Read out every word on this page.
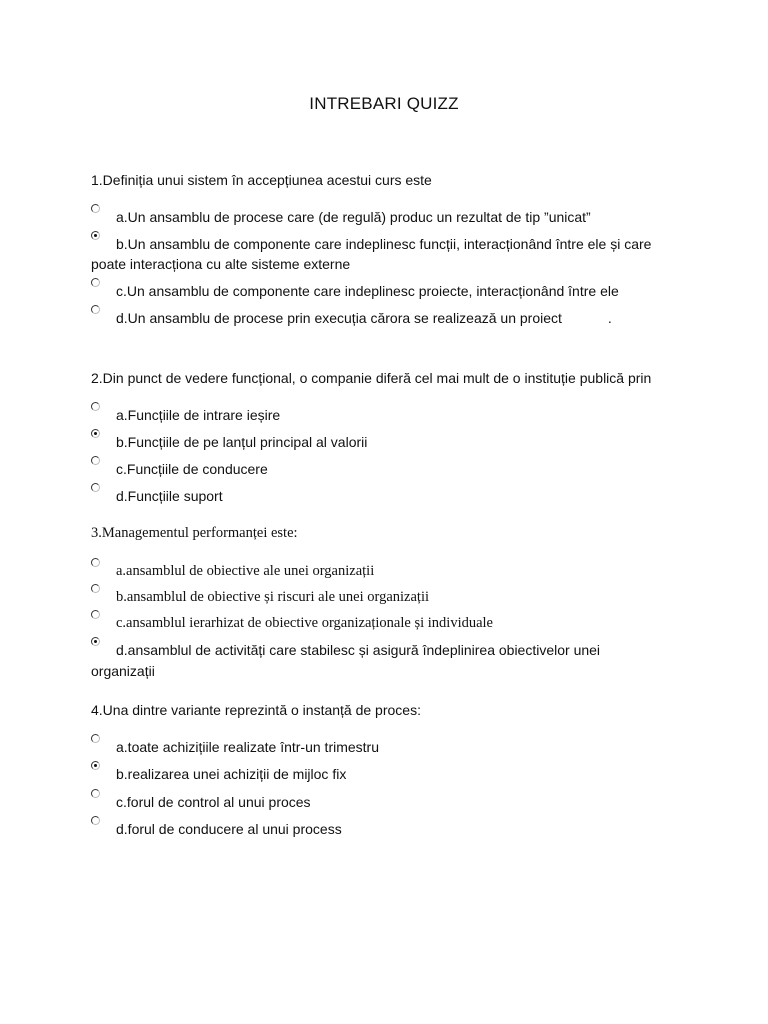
INTREBARI QUIZZ
1.Definiția unui sistem în accepțiunea acestui curs este
a.Un ansamblu de procese care (de regulă) produc un rezultat de tip ”unicat”
b.Un ansamblu de componente care indeplinesc funcții, interacționând între ele și care
poate interacționa cu alte sisteme externe
c.Un ansamblu de componente care indeplinesc proiecte, interacționând între ele
d.Un ansamblu de procese prin execuția cărora se realizează un proiect	.
2.Din punct de vedere funcțional, o companie diferă cel mai mult de o instituție publică prin
a.Funcțiile de intrare ieșire
b.Funcțiile de pe lanțul principal al valorii
c.Funcțiile de conducere
d.Funcțiile suport
3.Managementul performanței este:
a.ansamblul de obiective ale unei organizații
b.ansamblul de obiective și riscuri ale unei organizații
c.ansamblul ierarhizat de obiective organizaționale și individuale
d.ansamblul de activități care stabilesc și asigură îndeplinirea obiectivelor unei
organizații
4.Una dintre variante reprezintă o instanță de proces:
a.toate achizițiile realizate într-un trimestru
b.realizarea unei achiziții de mijloc fix
c.forul de control al unui proces
d.forul de conducere al unui process
